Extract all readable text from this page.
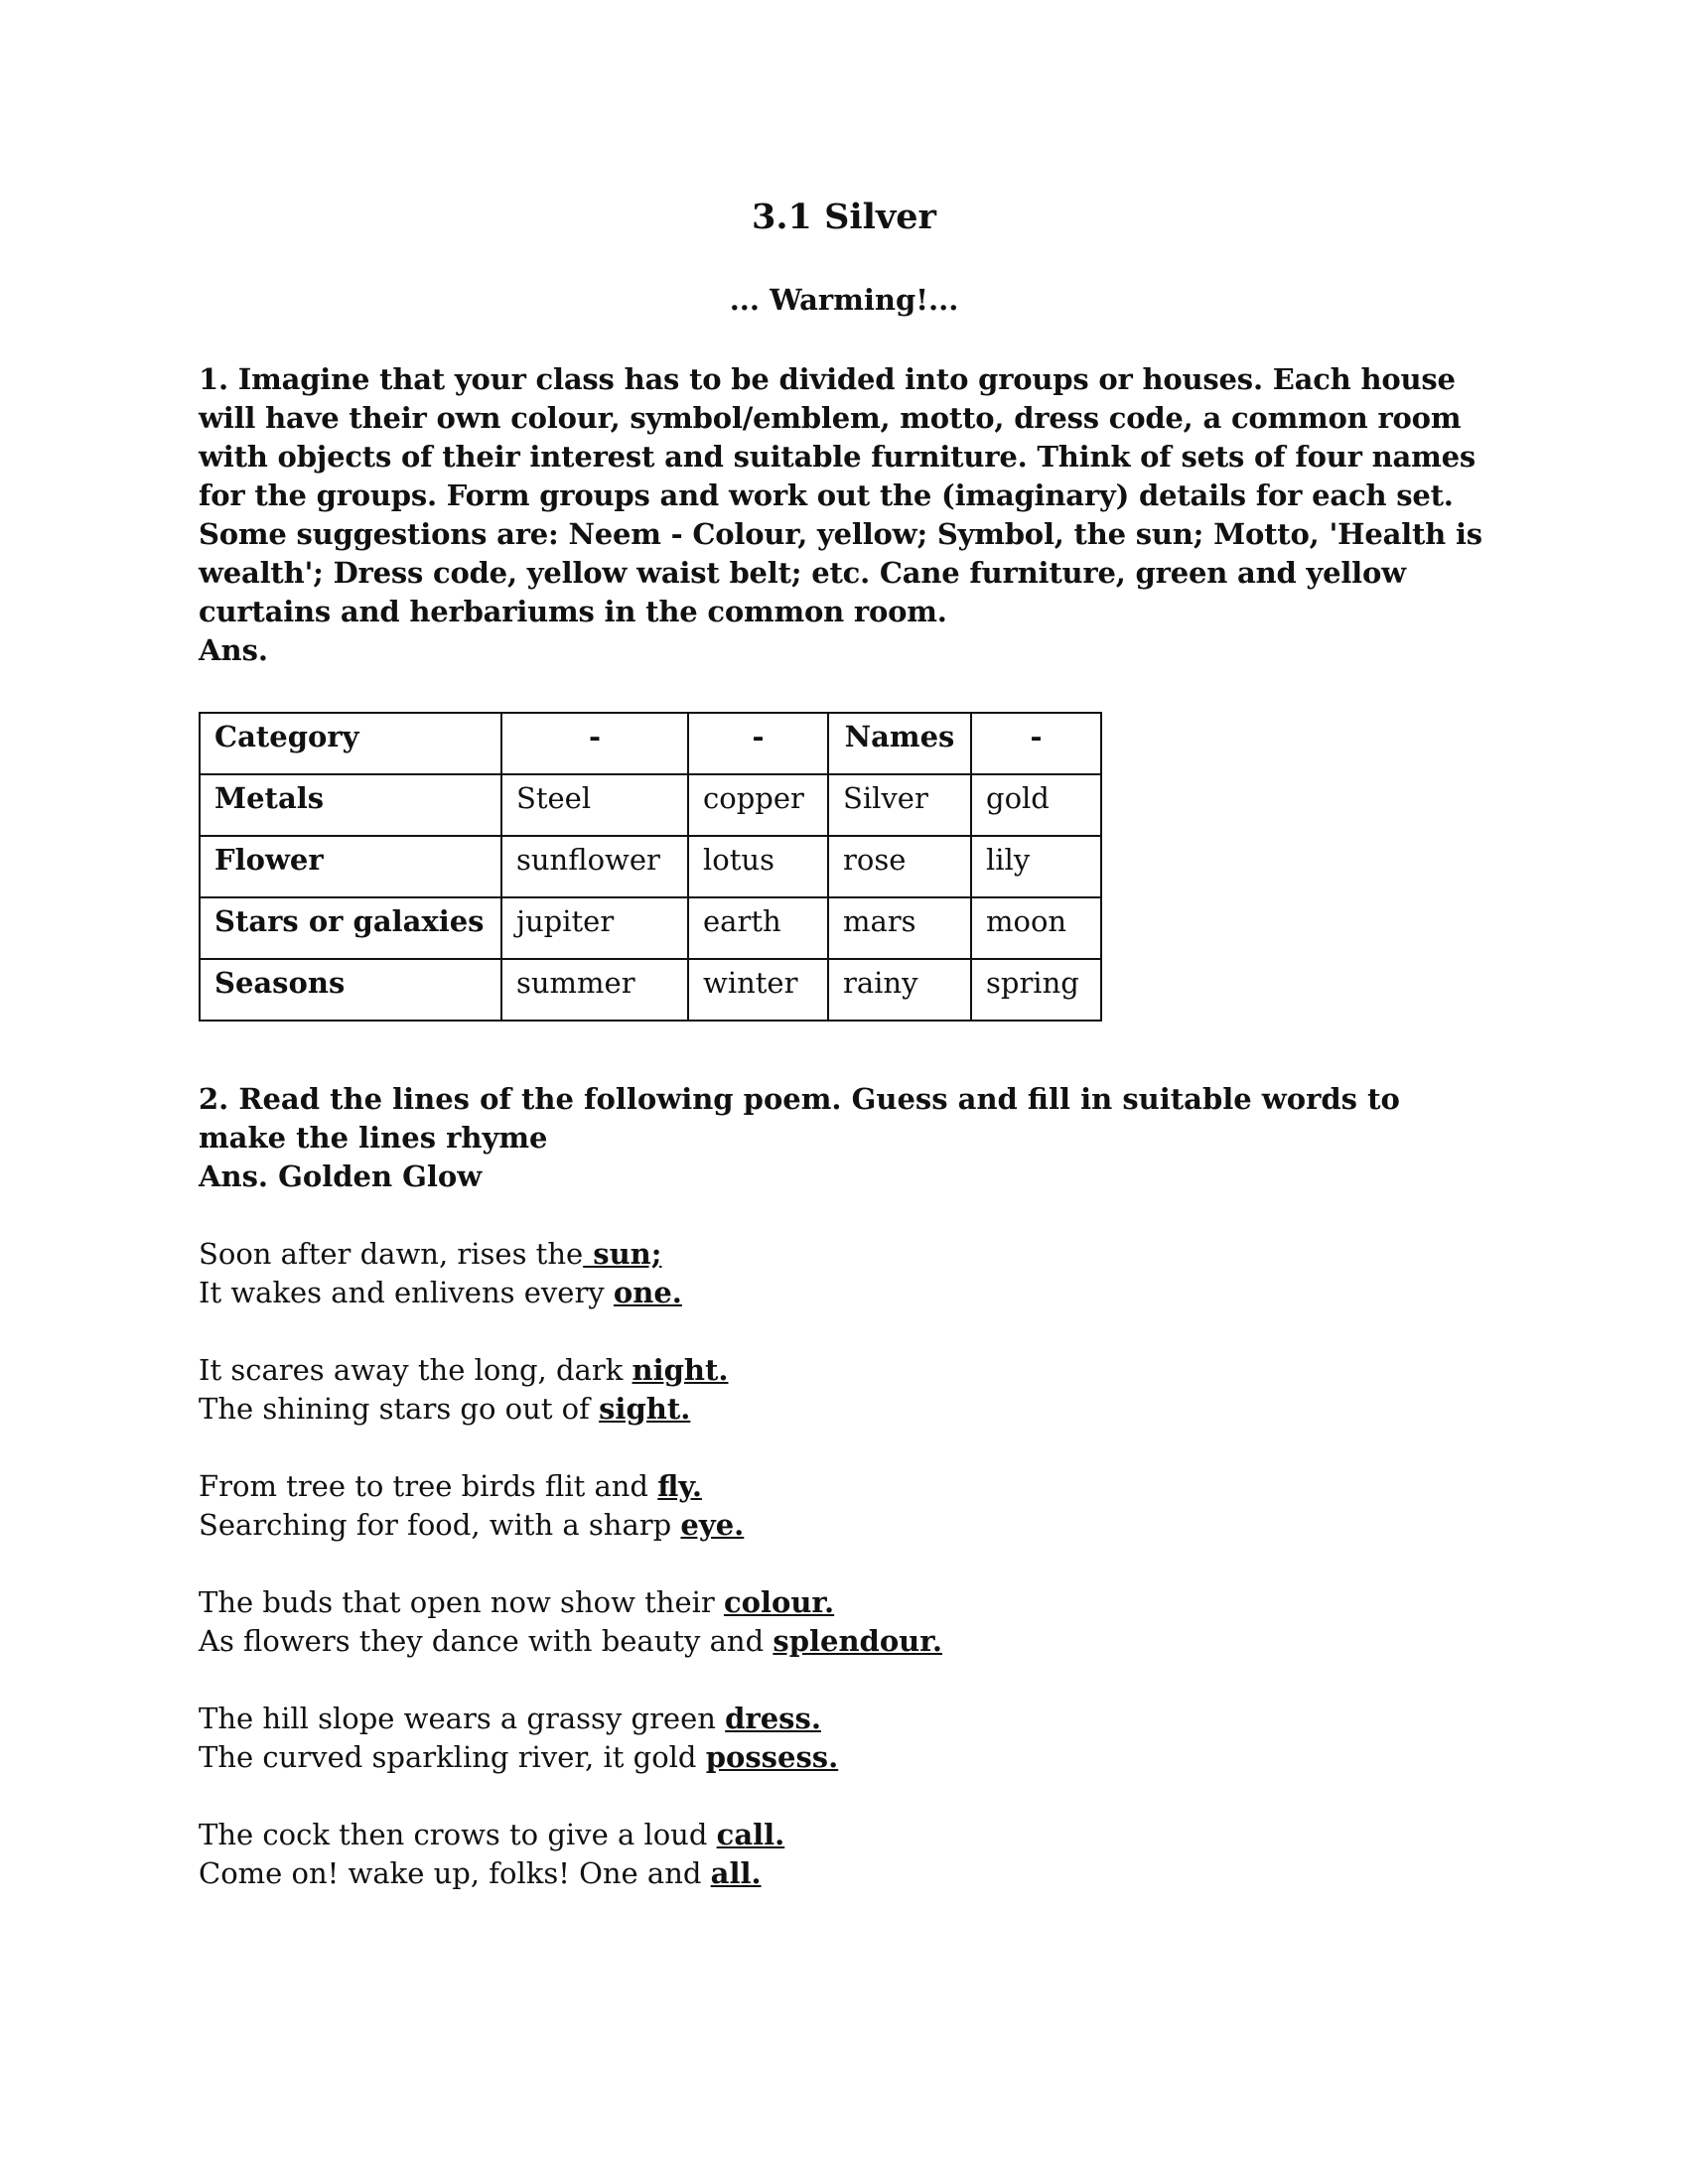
3.1 Silver
... Warming!...

1. Imagine that your class has to be divided into groups or houses. Each house will have their own colour, symbol/emblem, motto, dress code, a common room with objects of their interest and suitable furniture. Think of sets of four names for the groups. Form groups and work out the (imaginary) details for each set. Some suggestions are: Neem - Colour, yellow; Symbol, the sun; Motto, 'Health is wealth'; Dress code, yellow waist belt; etc. Cane furniture, green and yellow curtains and herbariums in the common room.

Ans.

Category	-	-	Names	-
Metals	Steel	copper	Silver	gold
Flower	sunflower	lotus	rose	lily
Stars or galaxies	jupiter	earth	mars	moon
Seasons	summer	winter	rainy	spring

2. Read the lines of the following poem. Guess and fill in suitable words to make the lines rhyme

Ans. Golden Glow

Soon after dawn, rises the sun;

It wakes and enlivens every one.

It scares away the long, dark night.

The shining stars go out of sight.

From tree to tree birds flit and fly.

Searching for food, with a sharp eye.

The buds that open now show their colour.

As flowers they dance with beauty and splendour.

The hill slope wears a grassy green dress.

The curved sparkling river, it gold possess.

The cock then crows to give a loud call.

Come on! wake up, folks! One and all.
